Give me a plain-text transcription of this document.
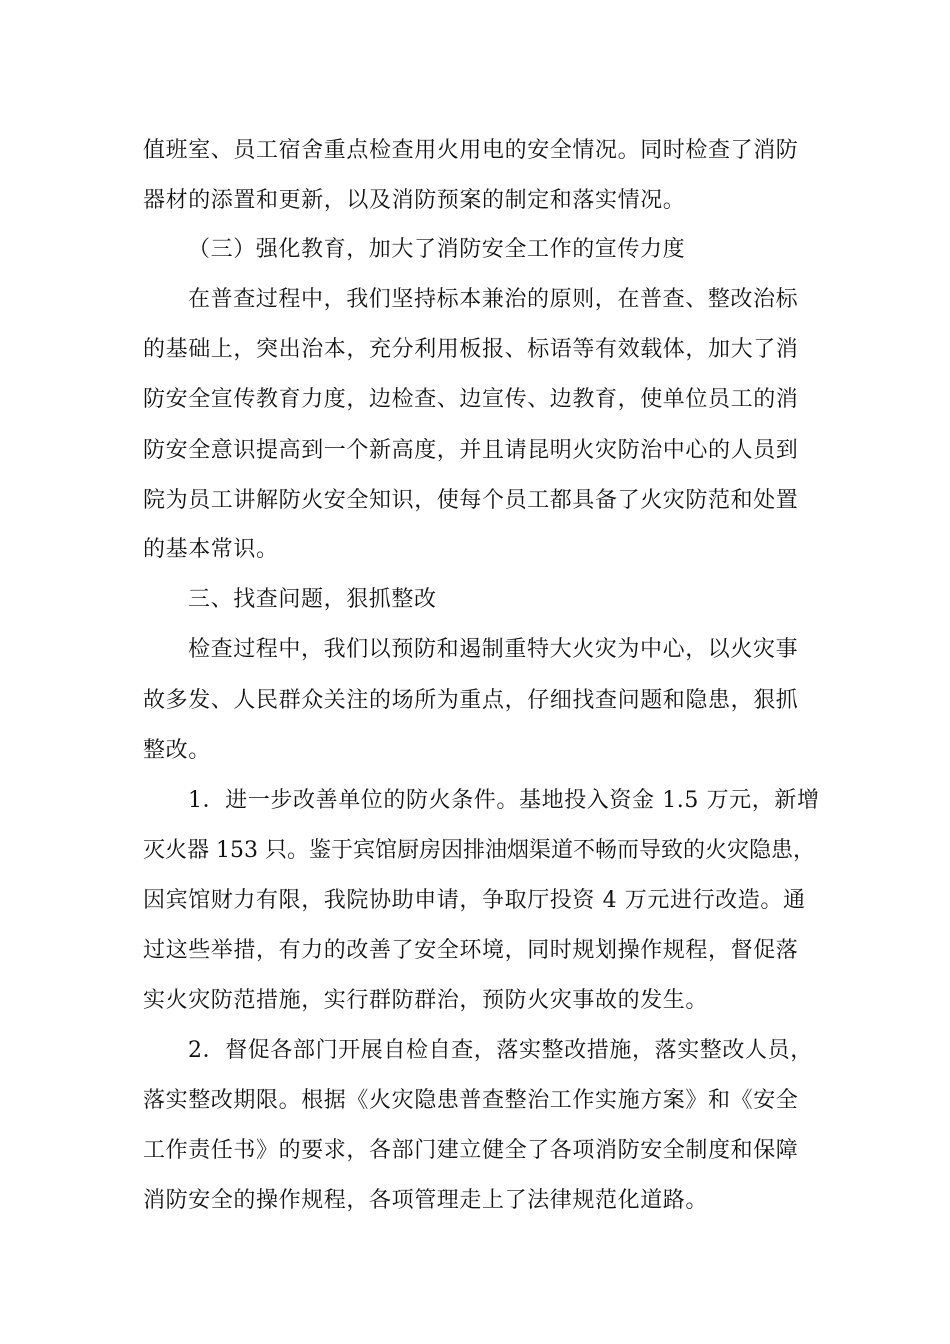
值班室、员工宿舍重点检查用火用电的安全情况。同时检查了消防
器材的添置和更新，以及消防预案的制定和落实情况。
（三）强化教育，加大了消防安全工作的宣传力度
在普查过程中，我们坚持标本兼治的原则，在普查、整改治标
的基础上，突出治本，充分利用板报、标语等有效载体，加大了消
防安全宣传教育力度，边检查、边宣传、边教育，使单位员工的消
防安全意识提高到一个新高度，并且请昆明火灾防治中心的人员到
院为员工讲解防火安全知识，使每个员工都具备了火灾防范和处置
的基本常识。
三、找查问题，狠抓整改
检查过程中，我们以预防和遏制重特大火灾为中心，以火灾事
故多发、人民群众关注的场所为重点，仔细找查问题和隐患，狠抓
整改。
1．进一步改善单位的防火条件。基地投入资金 1.5 万元，新增
灭火器 153 只。鉴于宾馆厨房因排油烟渠道不畅而导致的火灾隐患，
因宾馆财力有限，我院协助申请，争取厅投资 4 万元进行改造。通
过这些举措，有力的改善了安全环境，同时规划操作规程，督促落
实火灾防范措施，实行群防群治，预防火灾事故的发生。
2．督促各部门开展自检自查，落实整改措施，落实整改人员，
落实整改期限。根据《火灾隐患普查整治工作实施方案》和《安全
工作责任书》的要求，各部门建立健全了各项消防安全制度和保障
消防安全的操作规程，各项管理走上了法律规范化道路。
